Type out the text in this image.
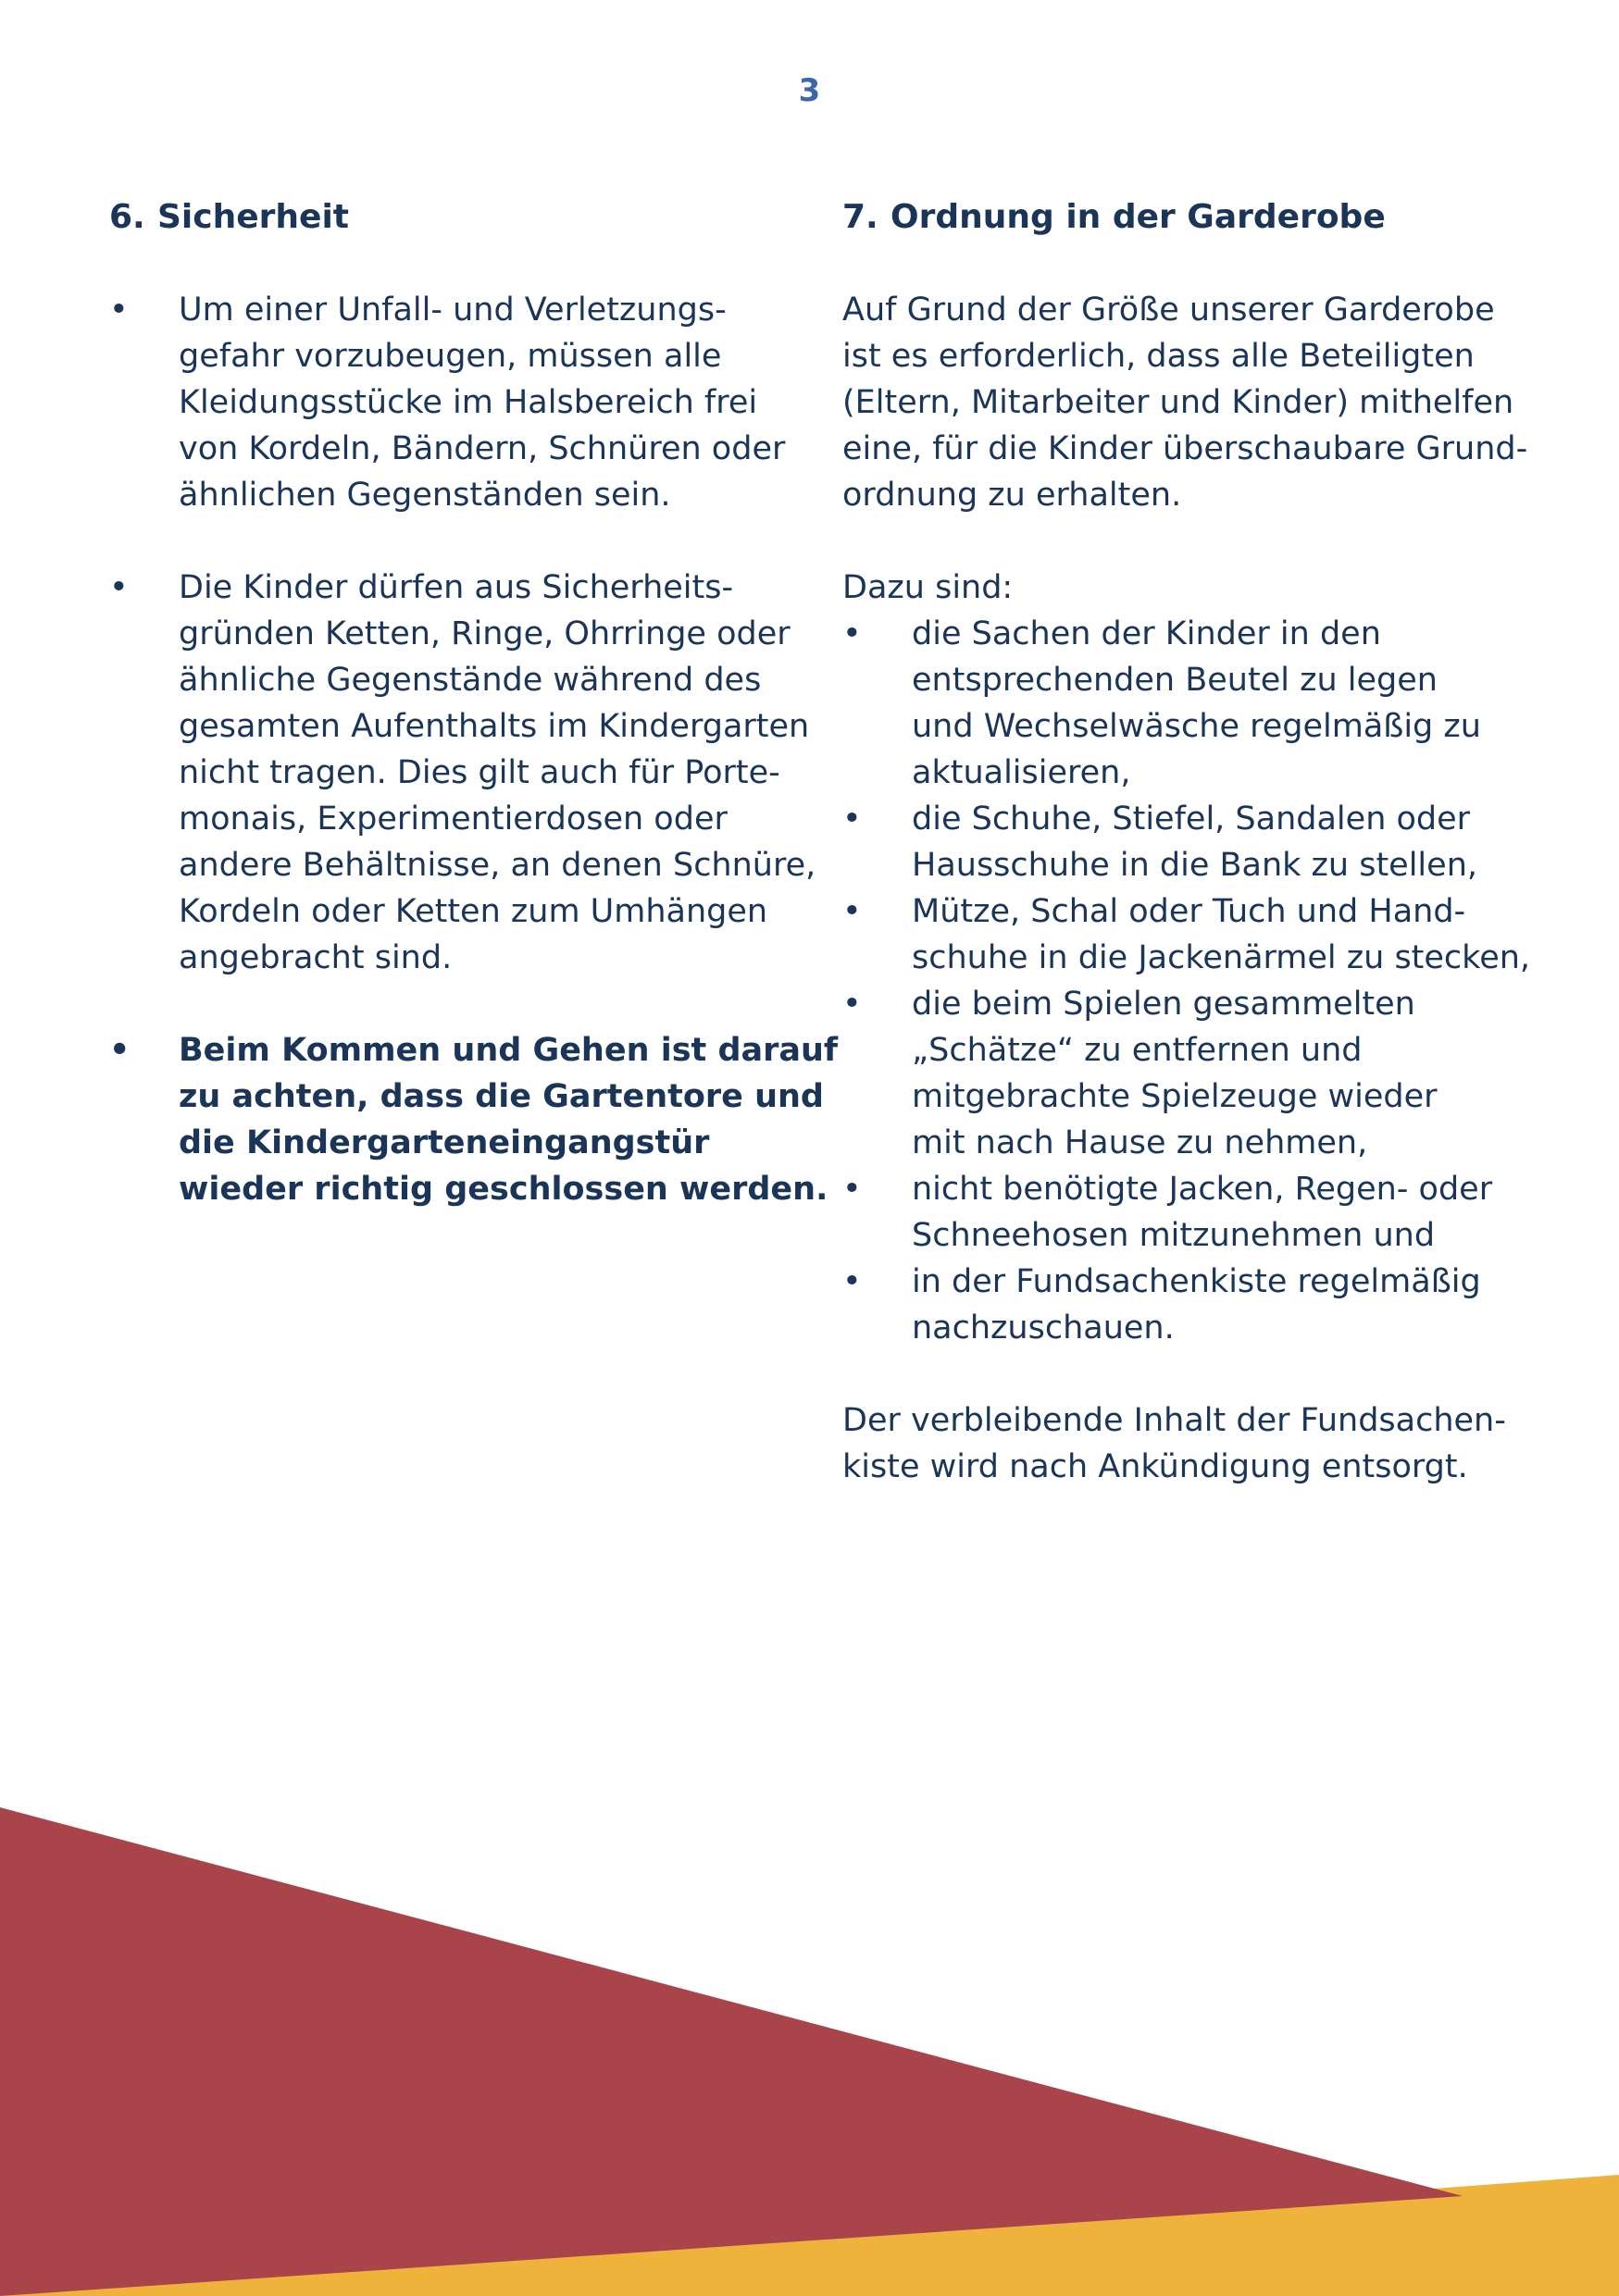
3
6. Sicherheit
• Um einer Unfall- und Verletzungs-
gefahr vorzubeugen, müssen alle
Kleidungsstücke im Halsbereich frei
von Kordeln, Bändern, Schnüren oder
ähnlichen Gegenständen sein.
• Die Kinder dürfen aus Sicherheits-
gründen Ketten, Ringe, Ohrringe oder
ähnliche Gegenstände während des
gesamten Aufenthalts im Kindergarten
nicht tragen. Dies gilt auch für Porte-
monais, Experimentierdosen oder
andere Behältnisse, an denen Schnüre,
Kordeln oder Ketten zum Umhängen
angebracht sind.
• Beim Kommen und Gehen ist darauf
zu achten, dass die Gartentore und
die Kindergarteneingangstür
wieder richtig geschlossen werden.
7. Ordnung in der Garderobe
Auf Grund der Größe unserer Garderobe
ist es erforderlich, dass alle Beteiligten
(Eltern, Mitarbeiter und Kinder) mithelfen
eine, für die Kinder überschaubare Grund-
ordnung zu erhalten.
Dazu sind:
• die Sachen der Kinder in den
entsprechenden Beutel zu legen
und Wechselwäsche regelmäßig zu
aktualisieren,
• die Schuhe, Stiefel, Sandalen oder
Hausschuhe in die Bank zu stellen,
• Mütze, Schal oder Tuch und Hand-
schuhe in die Jackenärmel zu stecken,
• die beim Spielen gesammelten
„Schätze“ zu entfernen und
mitgebrachte Spielzeuge wieder
mit nach Hause zu nehmen,
• nicht benötigte Jacken, Regen- oder
Schneehosen mitzunehmen und
• in der Fundsachenkiste regelmäßig
nachzuschauen.
Der verbleibende Inhalt der Fundsachen-
kiste wird nach Ankündigung entsorgt.
